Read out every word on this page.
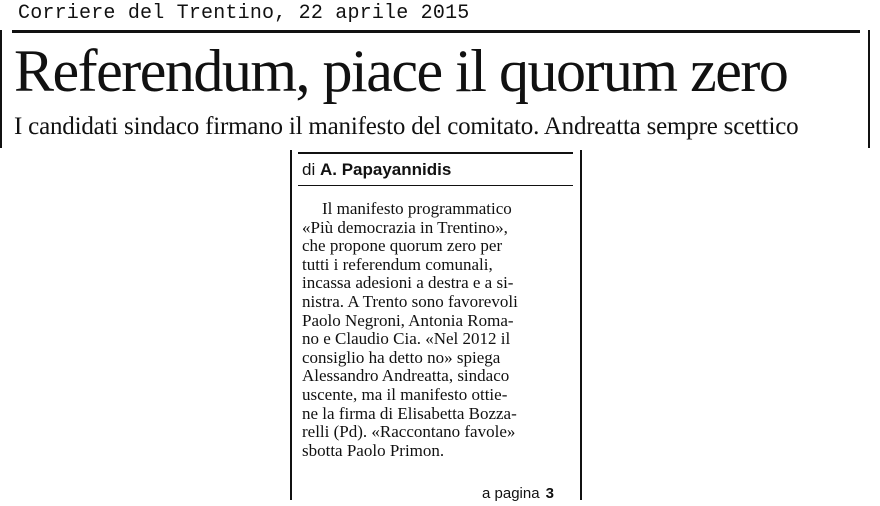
Corriere del Trentino, 22 aprile 2015
Referendum, piace il quorum zero
I candidati sindaco firmano il manifesto del comitato. Andreatta sempre scettico
di A. Papayannidis
Il manifesto programmatico
«Più democrazia in Trentino»,
che propone quorum zero per
tutti i referendum comunali,
incassa adesioni a destra e a si-
nistra. A Trento sono favorevoli
Paolo Negroni, Antonia Roma-
no e Claudio Cia. «Nel 2012 il
consiglio ha detto no» spiega
Alessandro Andreatta, sindaco
uscente, ma il manifesto ottie-
ne la firma di Elisabetta Bozza-
relli (Pd). «Raccontano favole»
sbotta Paolo Primon.
a pagina 3
